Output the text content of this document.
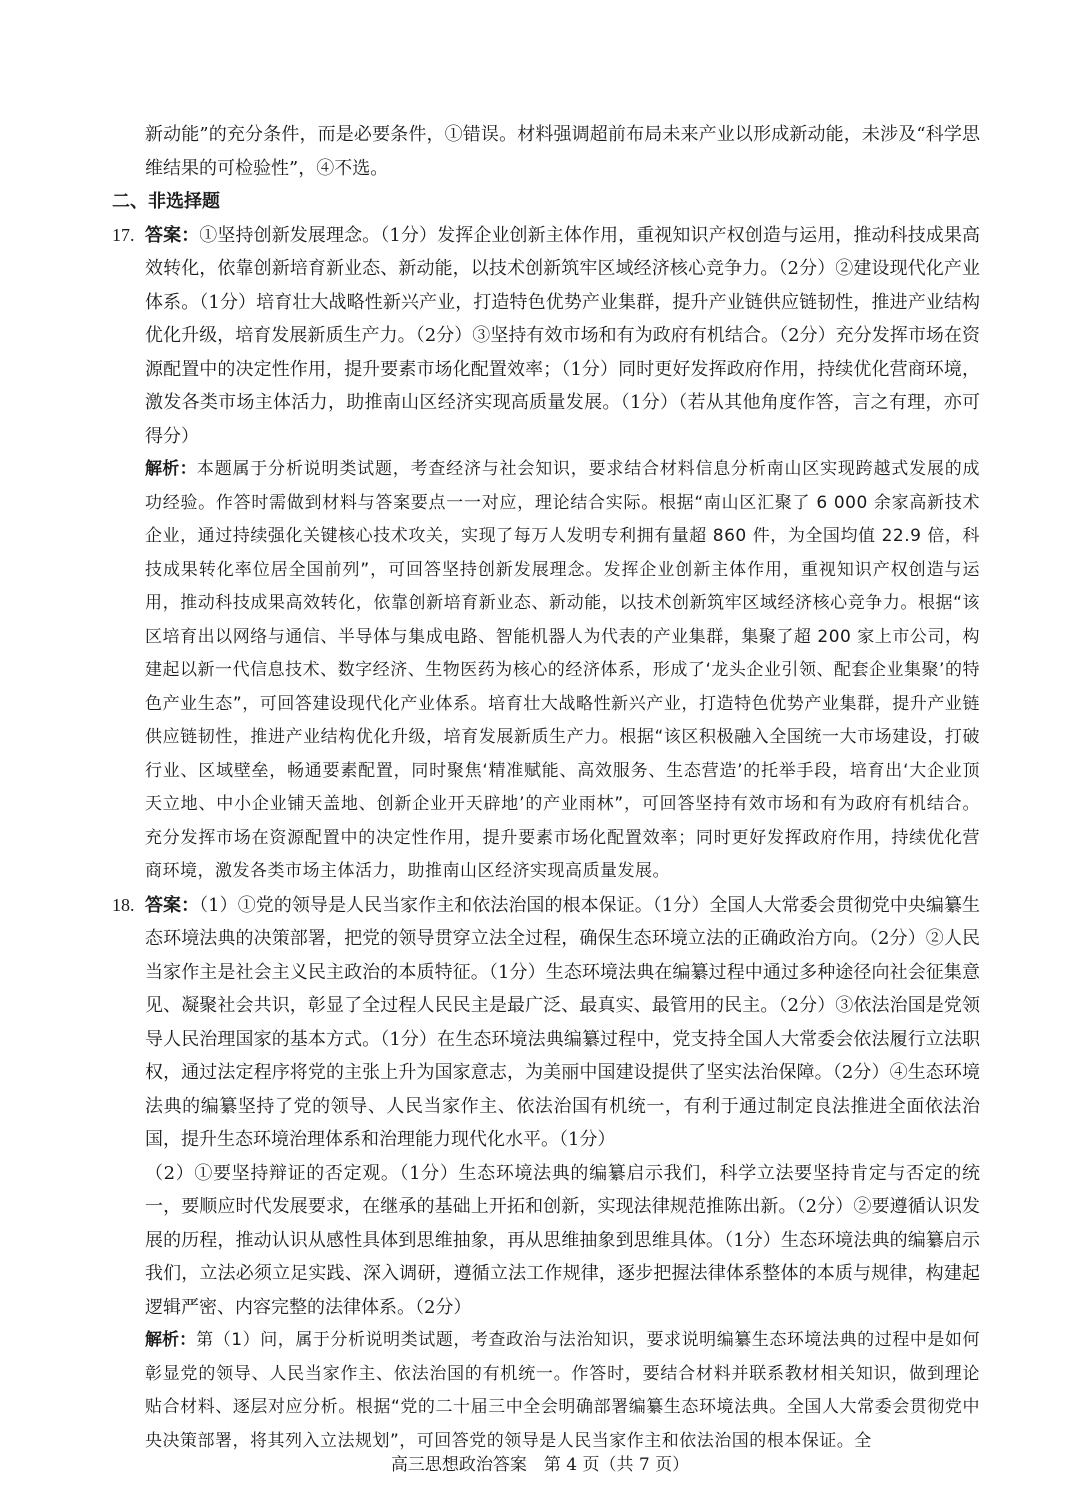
新动能”的充分条件，而是必要条件，①错误。材料强调超前布局未来产业以形成新动能，未涉及“科学思维结果的可检验性”，④不选。

二、非选择题

17. 答案：①坚持创新发展理念。（1分）发挥企业创新主体作用，重视知识产权创造与运用，推动科技成果高效转化，依靠创新培育新业态、新动能，以技术创新筑牢区域经济核心竞争力。（2分）②建设现代化产业体系。（1分）培育壮大战略性新兴产业，打造特色优势产业集群，提升产业链供应链韧性，推进产业结构优化升级，培育发展新质生产力。（2分）③坚持有效市场和有为政府有机结合。（2分）充分发挥市场在资源配置中的决定性作用，提升要素市场化配置效率；（1分）同时更好发挥政府作用，持续优化营商环境，激发各类市场主体活力，助推南山区经济实现高质量发展。（1分）（若从其他角度作答，言之有理，亦可得分）

解析：本题属于分析说明类试题，考查经济与社会知识，要求结合材料信息分析南山区实现跨越式发展的成功经验。作答时需做到材料与答案要点一一对应，理论结合实际。根据“南山区汇聚了 6 000 余家高新技术企业，通过持续强化关键核心技术攻关，实现了每万人发明专利拥有量超 860 件，为全国均值 22.9 倍，科技成果转化率位居全国前列”，可回答坚持创新发展理念。发挥企业创新主体作用，重视知识产权创造与运用，推动科技成果高效转化，依靠创新培育新业态、新动能，以技术创新筑牢区域经济核心竞争力。根据“该区培育出以网络与通信、半导体与集成电路、智能机器人为代表的产业集群，集聚了超 200 家上市公司，构建起以新一代信息技术、数字经济、生物医药为核心的经济体系，形成了‘龙头企业引领、配套企业集聚’的特色产业生态”，可回答建设现代化产业体系。培育壮大战略性新兴产业，打造特色优势产业集群，提升产业链供应链韧性，推进产业结构优化升级，培育发展新质生产力。根据“该区积极融入全国统一大市场建设，打破行业、区域壁垒，畅通要素配置，同时聚焦‘精准赋能、高效服务、生态营造’的托举手段，培育出‘大企业顶天立地、中小企业铺天盖地、创新企业开天辟地’的产业雨林”，可回答坚持有效市场和有为政府有机结合。充分发挥市场在资源配置中的决定性作用，提升要素市场化配置效率；同时更好发挥政府作用，持续优化营商环境，激发各类市场主体活力，助推南山区经济实现高质量发展。

18. 答案：（1）①党的领导是人民当家作主和依法治国的根本保证。（1分）全国人大常委会贯彻党中央编纂生态环境法典的决策部署，把党的领导贯穿立法全过程，确保生态环境立法的正确政治方向。（2分）②人民当家作主是社会主义民主政治的本质特征。（1分）生态环境法典在编纂过程中通过多种途径向社会征集意见、凝聚社会共识，彰显了全过程人民民主是最广泛、最真实、最管用的民主。（2分）③依法治国是党领导人民治理国家的基本方式。（1分）在生态环境法典编纂过程中，党支持全国人大常委会依法履行立法职权，通过法定程序将党的主张上升为国家意志，为美丽中国建设提供了坚实法治保障。（2分）④生态环境法典的编纂坚持了党的领导、人民当家作主、依法治国有机统一，有利于通过制定良法推进全面依法治国，提升生态环境治理体系和治理能力现代化水平。（1分）

（2）①要坚持辩证的否定观。（1分）生态环境法典的编纂启示我们，科学立法要坚持肯定与否定的统一，要顺应时代发展要求，在继承的基础上开拓和创新，实现法律规范推陈出新。（2分）②要遵循认识发展的历程，推动认识从感性具体到思维抽象，再从思维抽象到思维具体。（1分）生态环境法典的编纂启示我们，立法必须立足实践、深入调研，遵循立法工作规律，逐步把握法律体系整体的本质与规律，构建起逻辑严密、内容完整的法律体系。（2分）

解析：第（1）问，属于分析说明类试题，考查政治与法治知识，要求说明编纂生态环境法典的过程中是如何彰显党的领导、人民当家作主、依法治国的有机统一。作答时，要结合材料并联系教材相关知识，做到理论贴合材料、逐层对应分析。根据“党的二十届三中全会明确部署编纂生态环境法典。全国人大常委会贯彻党中央决策部署，将其列入立法规划”，可回答党的领导是人民当家作主和依法治国的根本保证。全

高三思想政治答案　第 4 页（共 7 页）
